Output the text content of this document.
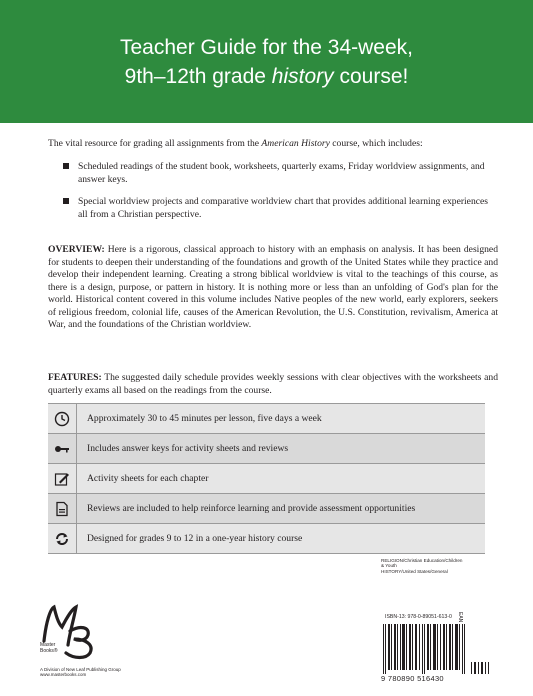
Teacher Guide for the 34-week,
9th–12th grade history course!
The vital resource for grading all assignments from the American History course, which includes:
Scheduled readings of the student book, worksheets, quarterly exams, Friday worldview assignments, and answer keys.
Special worldview projects and comparative worldview chart that provides additional learning experiences all from a Christian perspective.
OVERVIEW: Here is a rigorous, classical approach to history with an emphasis on analysis. It has been designed for students to deepen their understanding of the foundations and growth of the United States while they practice and develop their independent learning. Creating a strong biblical worldview is vital to the teachings of this course, as there is a design, purpose, or pattern in history. It is nothing more or less than an unfolding of God's plan for the world. Historical content covered in this volume includes Native peoples of the new world, early explorers, seekers of religious freedom, colonial life, causes of the American Revolution, the U.S. Constitution, revivalism, America at War, and the foundations of the Christian worldview.
FEATURES: The suggested daily schedule provides weekly sessions with clear objectives with the worksheets and quarterly exams all based on the readings from the course.
Approximately 30 to 45 minutes per lesson, five days a week
Includes answer keys for activity sheets and reviews
Activity sheets for each chapter
Reviews are included to help reinforce learning and provide assessment opportunities
Designed for grades 9 to 12 in a one-year history course
Master
Books®
A Division of New Leaf Publishing Group
www.masterbooks.com
RELIGION/Christian Education/Children & Youth
HISTORY/United States/General
ISBN-13: 978-0-89051-613-0	EAN
9 780890 516430
